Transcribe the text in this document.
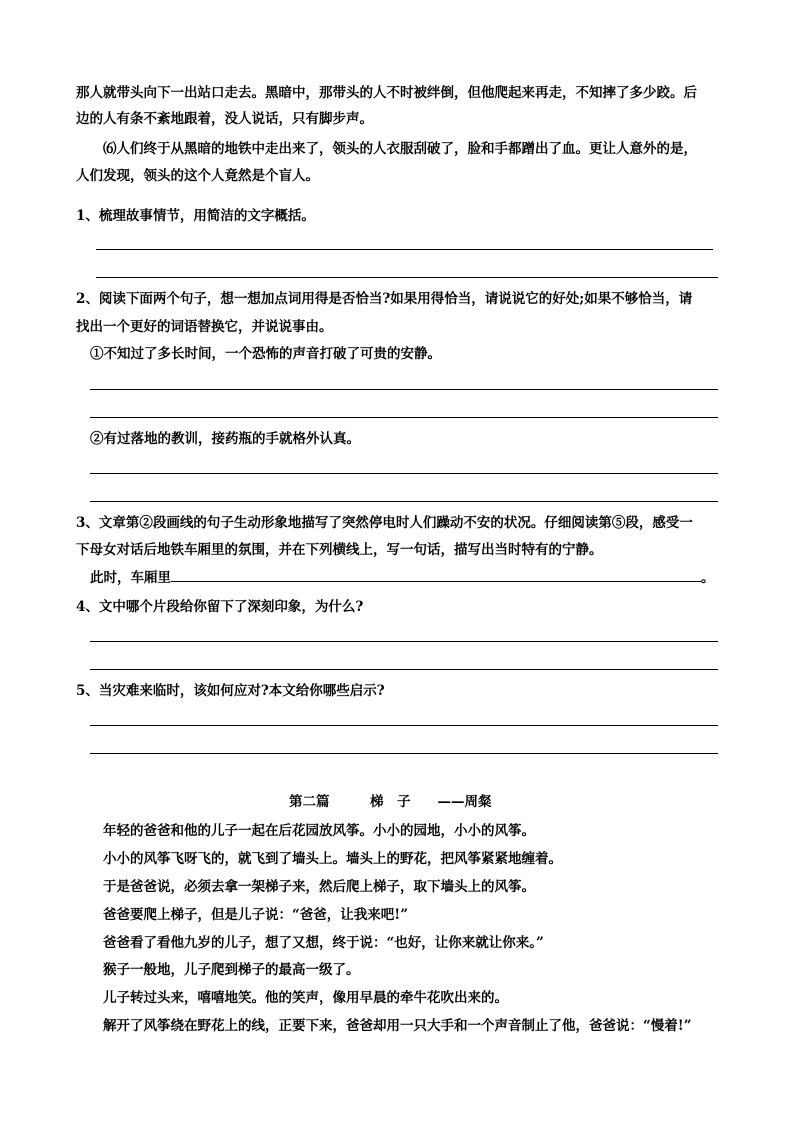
那人就带头向下一出站口走去。黑暗中，那带头的人不时被绊倒，但他爬起来再走，不知摔了多少跤。后
边的人有条不紊地跟着，没人说话，只有脚步声。
⑹人们终于从黑暗的地铁中走出来了，领头的人衣服刮破了，脸和手都蹭出了血。更让人意外的是，
人们发现，领头的这个人竟然是个盲人。
1、梳理故事情节，用简洁的文字概括。
2、阅读下面两个句子，想一想加点词用得是否恰当?如果用得恰当，请说说它的好处;如果不够恰当，请
找出一个更好的词语替换它，并说说事由。
①不知过了多长时间，一个恐怖的声音打破了可贵的安静。
②有过落地的教训，接药瓶的手就格外认真。
3、文章第②段画线的句子生动形象地描写了突然停电时人们躁动不安的状况。仔细阅读第⑤段，感受一
下母女对话后地铁车厢里的氛围，并在下列横线上，写一句话，描写出当时特有的宁静。
此时，车厢里	。
4、文中哪个片段给你留下了深刻印象，为什么?
5、当灾难来临时，该如何应对?本文给你哪些启示?
第二篇　　　梯　子　　——周粲
年轻的爸爸和他的儿子一起在后花园放风筝。小小的园地，小小的风筝。
小小的风筝飞呀飞的，就飞到了墙头上。墙头上的野花，把风筝紧紧地缠着。
于是爸爸说，必须去拿一架梯子来，然后爬上梯子，取下墙头上的风筝。
爸爸要爬上梯子，但是儿子说：“爸爸，让我来吧!”
爸爸看了看他九岁的儿子，想了又想，终于说：“也好，让你来就让你来。”
猴子一般地，儿子爬到梯子的最高一级了。
儿子转过头来，嘻嘻地笑。他的笑声，像用早晨的牵牛花吹出来的。
解开了风筝绕在野花上的线，正要下来，爸爸却用一只大手和一个声音制止了他，爸爸说：“慢着!”
